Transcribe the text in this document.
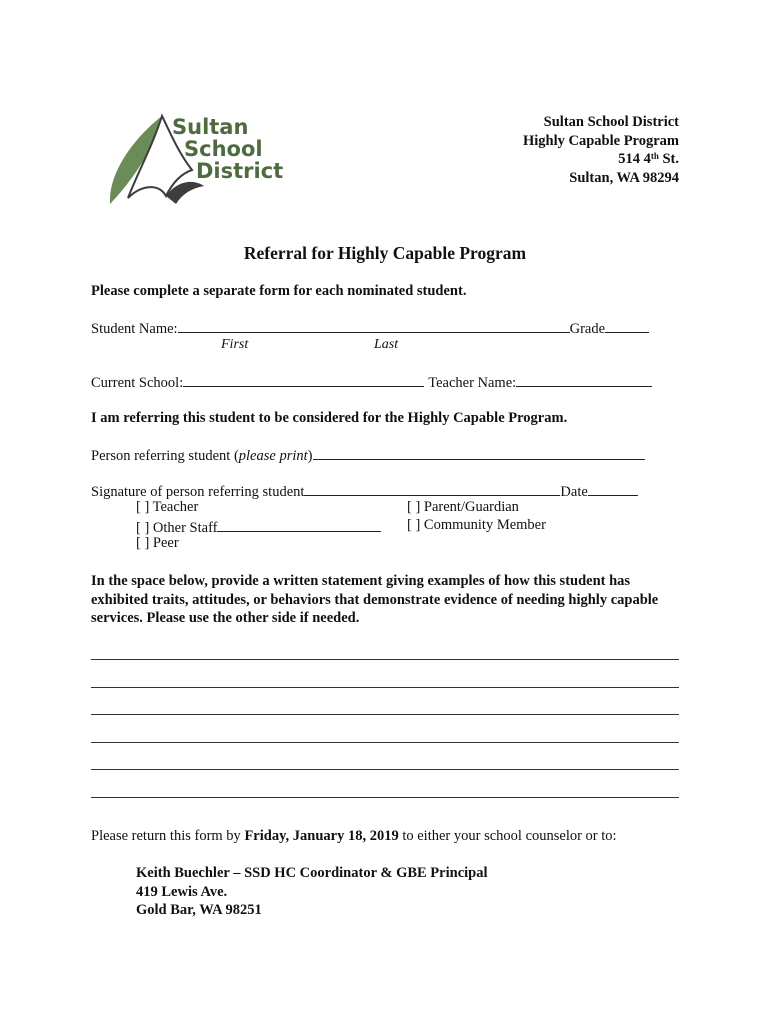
Sultan
School
District
Sultan School District
Highly Capable Program
514 4th St.
Sultan, WA 98294
Referral for Highly Capable Program
Please complete a separate form for each nominated student.
Student Name:	Grade
First	Last
Current School:	Teacher Name:
I am referring this student to be considered for the Highly Capable Program.
Person referring student (please print)
Signature of person referring student	Date
[ ] Teacher
[ ] Other Staff
[ ] Peer
[ ] Parent/Guardian
[ ] Community Member
In the space below, provide a written statement giving examples of how this student has exhibited traits, attitudes, or behaviors that demonstrate evidence of needing highly capable services. Please use the other side if needed.
Please return this form by Friday, January 18, 2019 to either your school counselor or to:
Keith Buechler – SSD HC Coordinator & GBE Principal
419 Lewis Ave.
Gold Bar, WA 98251
